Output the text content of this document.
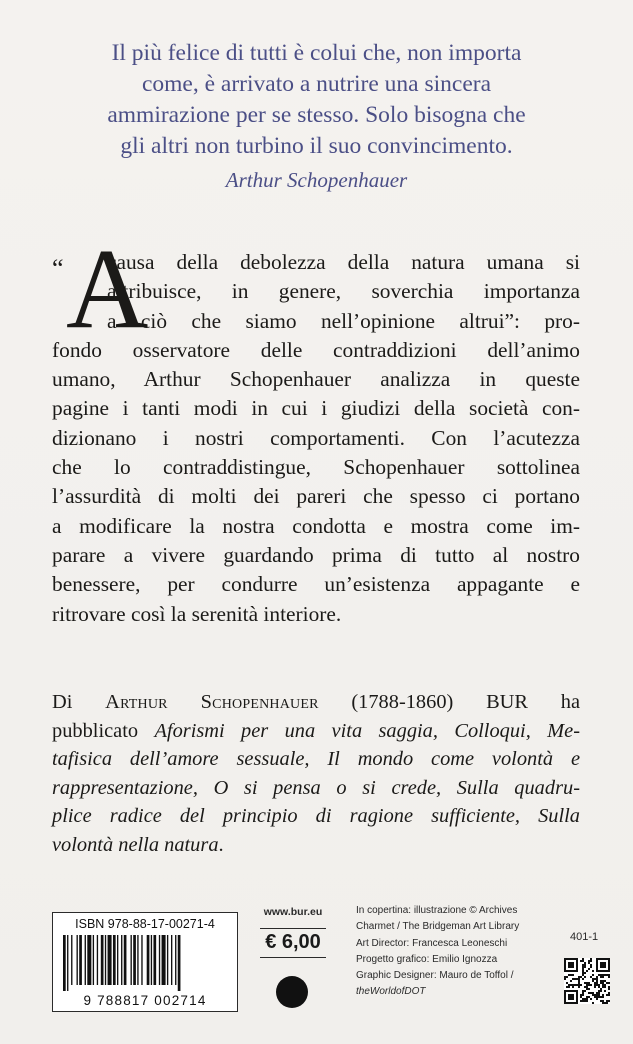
Il più felice di tutti è colui che, non importa
come, è arrivato a nutrire una sincera
ammirazione per se stesso. Solo bisogna che
gli altri non turbino il suo convincimento.
Arthur Schopenhauer
“ A
causa della debolezza della natura umana si
attribuisce, in genere, soverchia importanza
a ciò che siamo nell’opinione altrui”: pro-
fondo osservatore delle contraddizioni dell’animo
umano, Arthur Schopenhauer analizza in queste
pagine i tanti modi in cui i giudizi della società con-
dizionano i nostri comportamenti. Con l’acutezza
che lo contraddistingue, Schopenhauer sottolinea
l’assurdità di molti dei pareri che spesso ci portano
a modificare la nostra condotta e mostra come im-
parare a vivere guardando prima di tutto al nostro
benessere, per condurre un’esistenza appagante e
ritrovare così la serenità interiore.
Di Arthur Schopenhauer (1788-1860) BUR ha
pubblicato Aforismi per una vita saggia, Colloqui, Me-
tafisica dell’amore sessuale, Il mondo come volontà e
rappresentazione, O si pensa o si crede, Sulla quadru-
plice radice del principio di ragione sufficiente, Sulla
volontà nella natura.
ISBN 978-88-17-00271-4
9 788817 002714
www.bur.eu
€ 6,00
In copertina: illustrazione © Archives
Charmet / The Bridgeman Art Library
Art Director: Francesca Leoneschi
Progetto grafico: Emilio Ignozza
Graphic Designer: Mauro de Toffol /
theWorldofDOT
401-1
